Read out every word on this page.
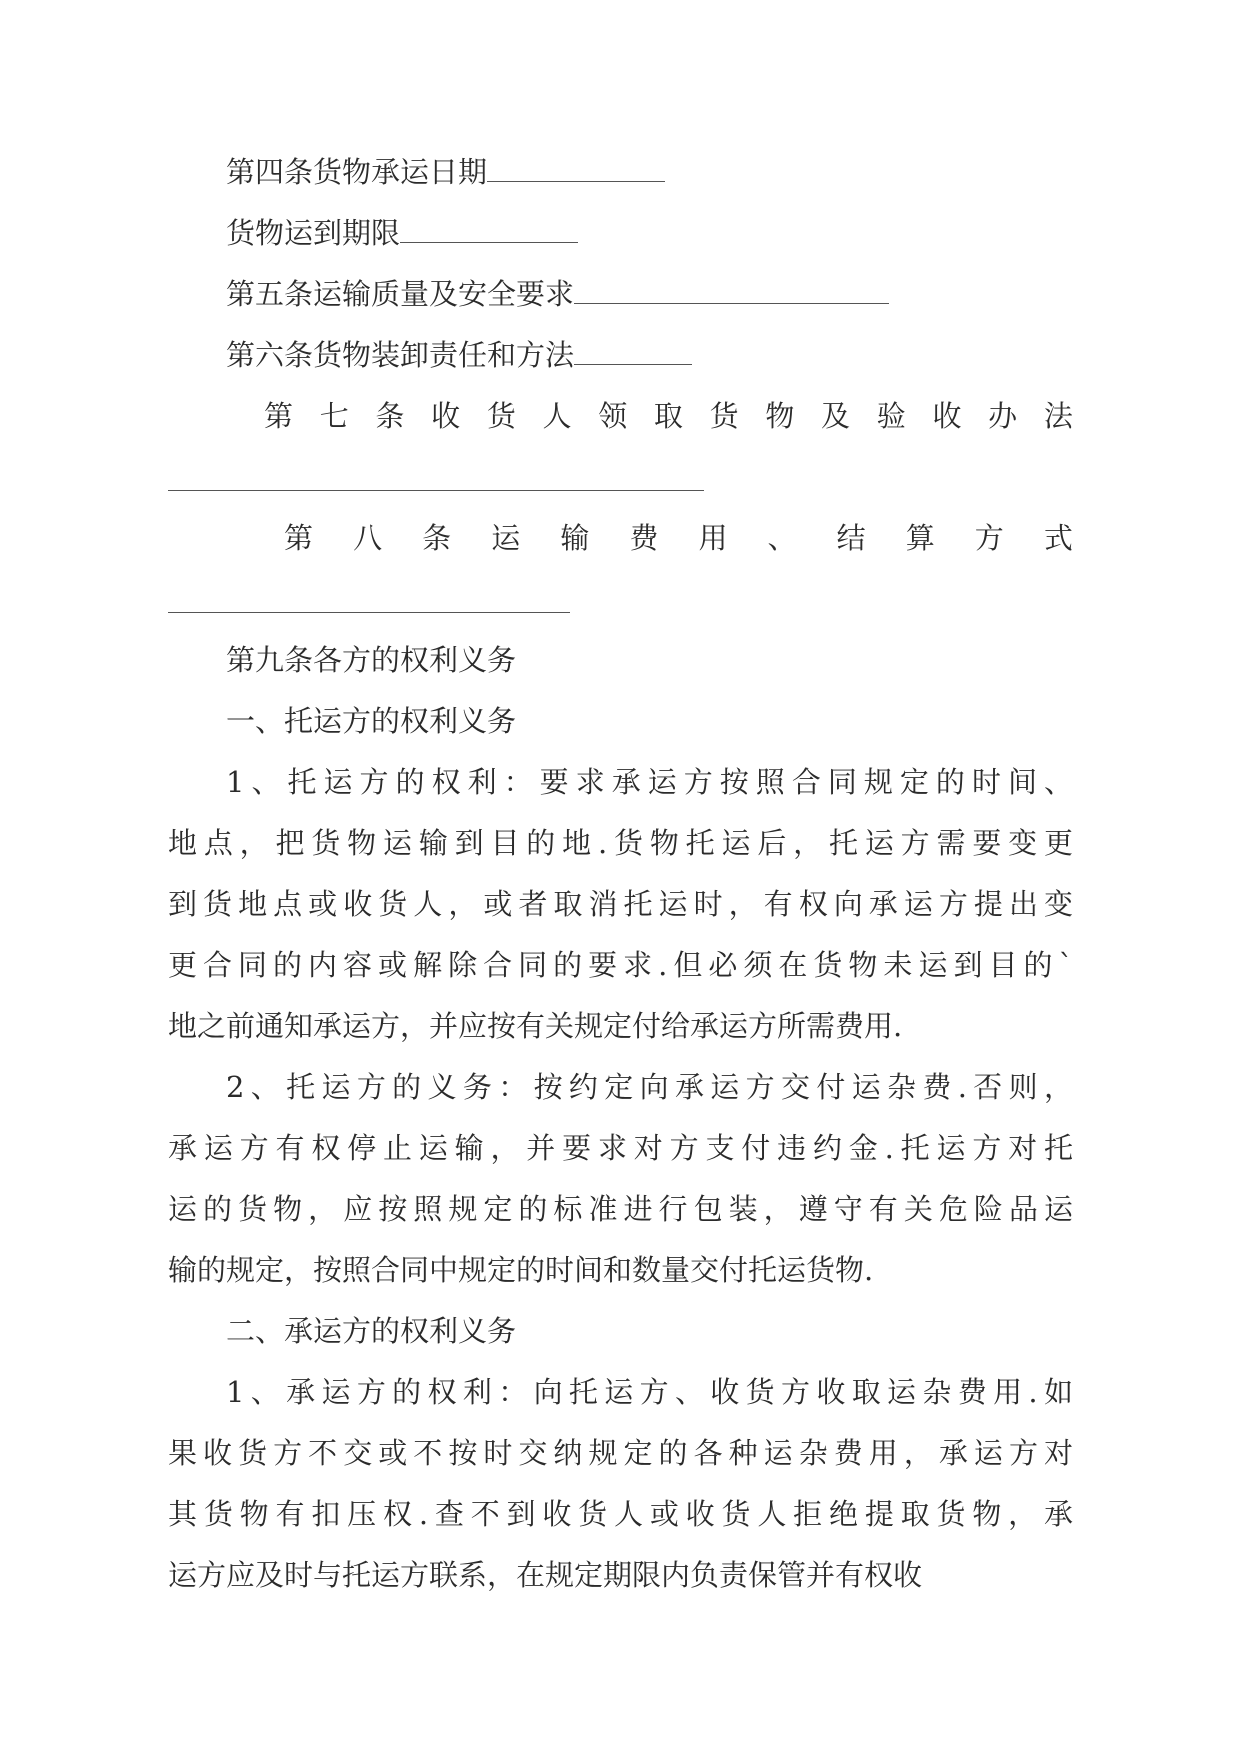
第四条货物承运日期
货物运到期限
第五条运输质量及安全要求
第六条货物装卸责任和方法
第 七 条 收 货 人 领 取 货 物 及 验 收 办 法
第 八 条 运 输 费 用 、 结 算 方 式
第九条各方的权利义务
一、托运方的权利义务
1、托运方的权利：要求承运方按照合同规定的时间、
地点，把货物运输到目的地.货物托运后，托运方需要变更
到货地点或收货人，或者取消托运时，有权向承运方提出变
更合同的内容或解除合同的要求.但必须在货物未运到目的`
地之前通知承运方，并应按有关规定付给承运方所需费用.
2、托运方的义务：按约定向承运方交付运杂费.否则，
承运方有权停止运输，并要求对方支付违约金.托运方对托
运的货物，应按照规定的标准进行包装，遵守有关危险品运
输的规定，按照合同中规定的时间和数量交付托运货物.
二、承运方的权利义务
1、承运方的权利：向托运方、收货方收取运杂费用.如
果收货方不交或不按时交纳规定的各种运杂费用，承运方对
其货物有扣压权.查不到收货人或收货人拒绝提取货物，承
运方应及时与托运方联系，在规定期限内负责保管并有权收
